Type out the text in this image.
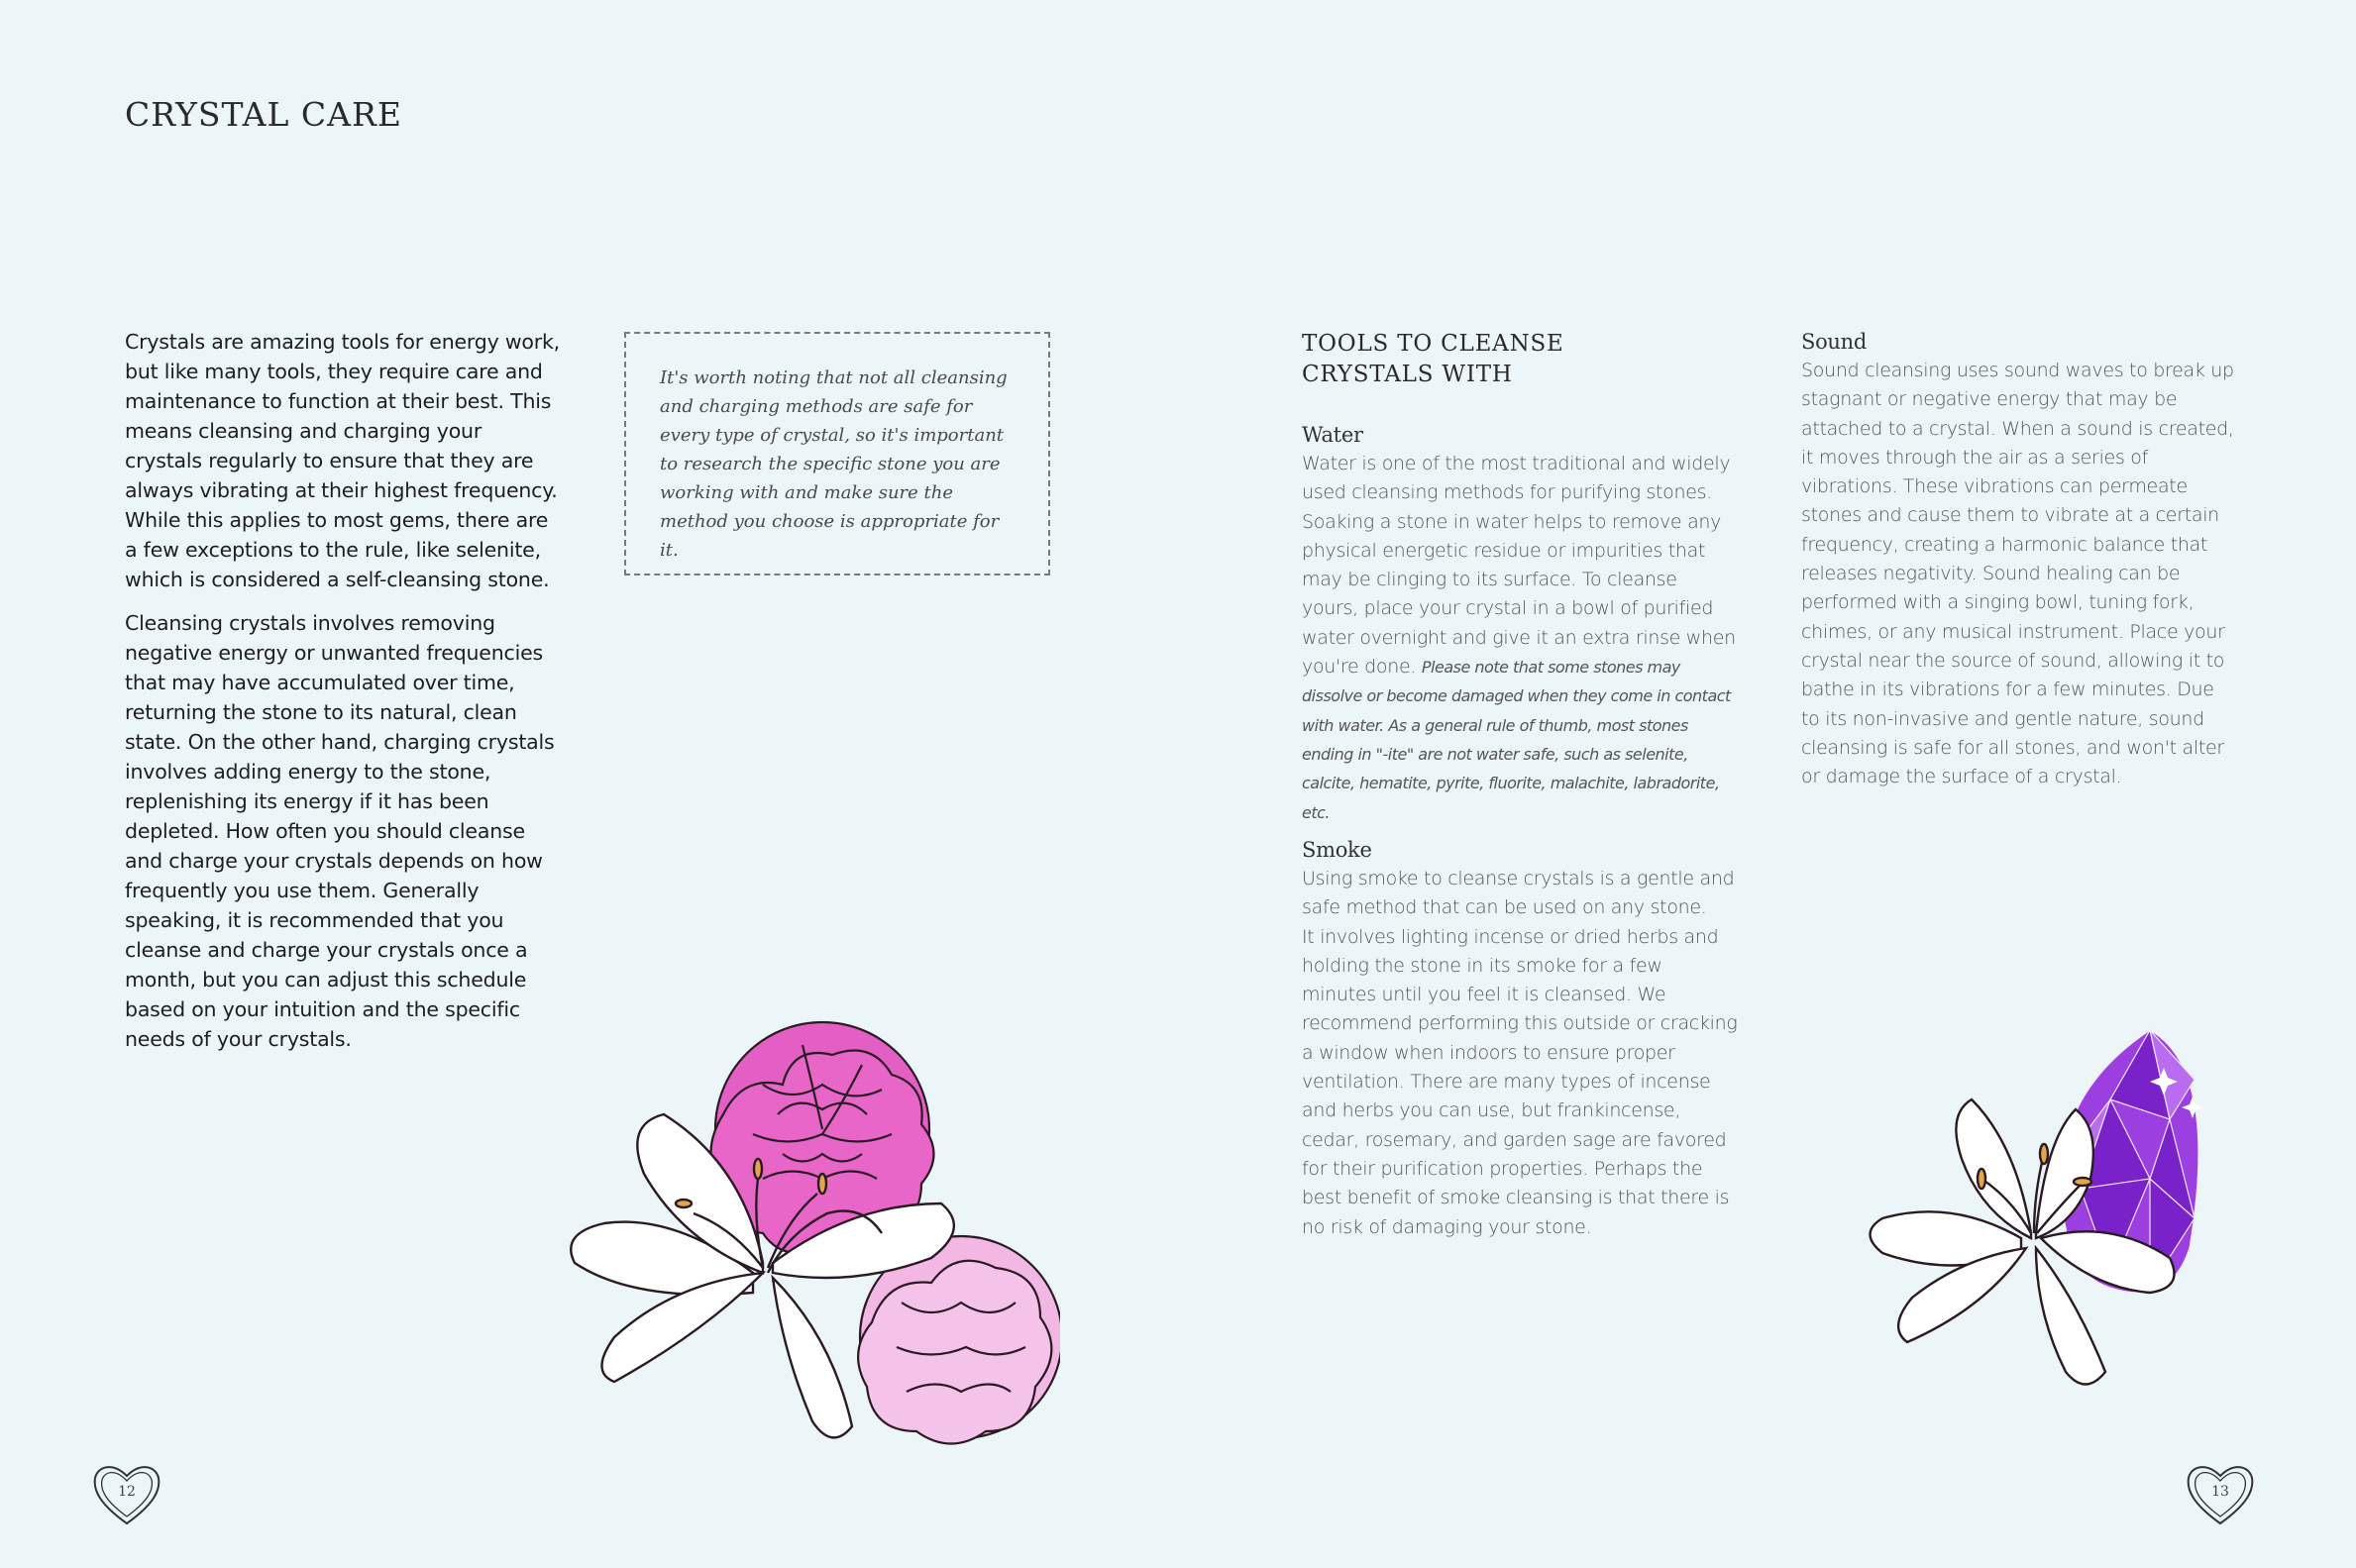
CRYSTAL CARE

Crystals are amazing tools for energy work, but like many tools, they require care and maintenance to function at their best. This means cleansing and charging your crystals regularly to ensure that they are always vibrating at their highest frequency. While this applies to most gems, there are a few exceptions to the rule, like selenite, which is considered a self-cleansing stone.

Cleansing crystals involves removing negative energy or unwanted frequencies that may have accumulated over time, returning the stone to its natural, clean state. On the other hand, charging crystals involves adding energy to the stone, replenishing its energy if it has been depleted. How often you should cleanse and charge your crystals depends on how frequently you use them. Generally speaking, it is recommended that you cleanse and charge your crystals once a month, but you can adjust this schedule based on your intuition and the specific needs of your crystals.

It's worth noting that not all cleansing and charging methods are safe for every type of crystal, so it's important to research the specific stone you are working with and make sure the method you choose is appropriate for it.
TOOLS TO CLEANSE
CRYSTALS WITH
Water

Water is one of the most traditional and widely used cleansing methods for purifying stones. Soaking a stone in water helps to remove any physical energetic residue or impurities that may be clinging to its surface. To cleanse yours, place your crystal in a bowl of purified water overnight and give it an extra rinse when you're done. Please note that some stones may dissolve or become damaged when they come in contact with water. As a general rule of thumb, most stones ending in "-ite" are not water safe, such as selenite, calcite, hematite, pyrite, fluorite, malachite, labradorite, etc.

Smoke

Using smoke to cleanse crystals is a gentle and safe method that can be used on any stone.
It involves lighting incense or dried herbs and holding the stone in its smoke for a few minutes until you feel it is cleansed. We recommend performing this outside or cracking a window when indoors to ensure proper ventilation. There are many types of incense and herbs you can use, but frankincense, cedar, rosemary, and garden sage are favored for their purification properties. Perhaps the best benefit of smoke cleansing is that there is no risk of damaging your stone.

Sound

Sound cleansing uses sound waves to break up stagnant or negative energy that may be attached to a crystal. When a sound is created, it moves through the air as a series of vibrations. These vibrations can permeate stones and cause them to vibrate at a certain frequency, creating a harmonic balance that releases negativity. Sound healing can be performed with a singing bowl, tuning fork, chimes, or any musical instrument. Place your crystal near the source of sound, allowing it to bathe in its vibrations for a few minutes. Due to its non-invasive and gentle nature, sound cleansing is safe for all stones, and won't alter or damage the surface of a crystal.

12	13
